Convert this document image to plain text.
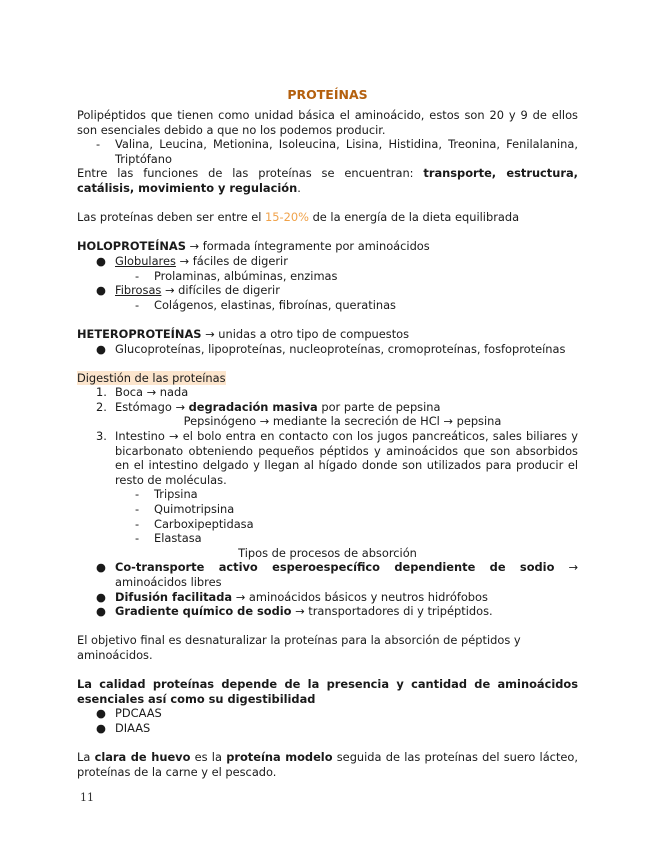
PROTEÍNAS

Polipéptidos que tienen como unidad básica el aminoácido, estos son 20 y 9 de ellos son esenciales debido a que no los podemos producir.

- Valina, Leucina, Metionina, Isoleucina, Lisina, Histidina, Treonina, Fenilalanina, Triptófano

Entre las funciones de las proteínas se encuentran: transporte, estructura, catálisis, movimiento y regulación.

Las proteínas deben ser entre el 15-20% de la energía de la dieta equilibrada

HOLOPROTEÍNAS → formada íntegramente por aminoácidos

● Globulares → fáciles de digerir
- Prolaminas, albúminas, enzimas
● Fibrosas → difíciles de digerir
- Colágenos, elastinas, fibroínas, queratinas

HETEROPROTEÍNAS → unidas a otro tipo de compuestos

● Glucoproteínas, lipoproteínas, nucleoproteínas, cromoproteínas, fosfoproteínas

Digestión de las proteínas

1. Boca → nada
2. Estómago → degradación masiva por parte de pepsina

Pepsinógeno → mediante la secreción de HCl → pepsina

3. Intestino → el bolo entra en contacto con los jugos pancreáticos, sales biliares y bicarbonato obteniendo pequeños péptidos y aminoácidos que son absorbidos en el intestino delgado y llegan al hígado donde son utilizados para producir el resto de moléculas.
- Tripsina
- Quimotripsina
- Carboxipeptidasa
- Elastasa

Tipos de procesos de absorción

● Co-transporte activo esperoespecífico dependiente de sodio → aminoácidos libres
● Difusión facilitada → aminoácidos básicos y neutros hidrófobos
● Gradiente químico de sodio → transportadores di y tripéptidos.

El objetivo final es desnaturalizar la proteínas para la absorción de péptidos y aminoácidos.

La calidad proteínas depende de la presencia y cantidad de aminoácidos esenciales así como su digestibilidad

● PDCAAS
● DIAAS

La clara de huevo es la proteína modelo seguida de las proteínas del suero lácteo, proteínas de la carne y el pescado.

11
